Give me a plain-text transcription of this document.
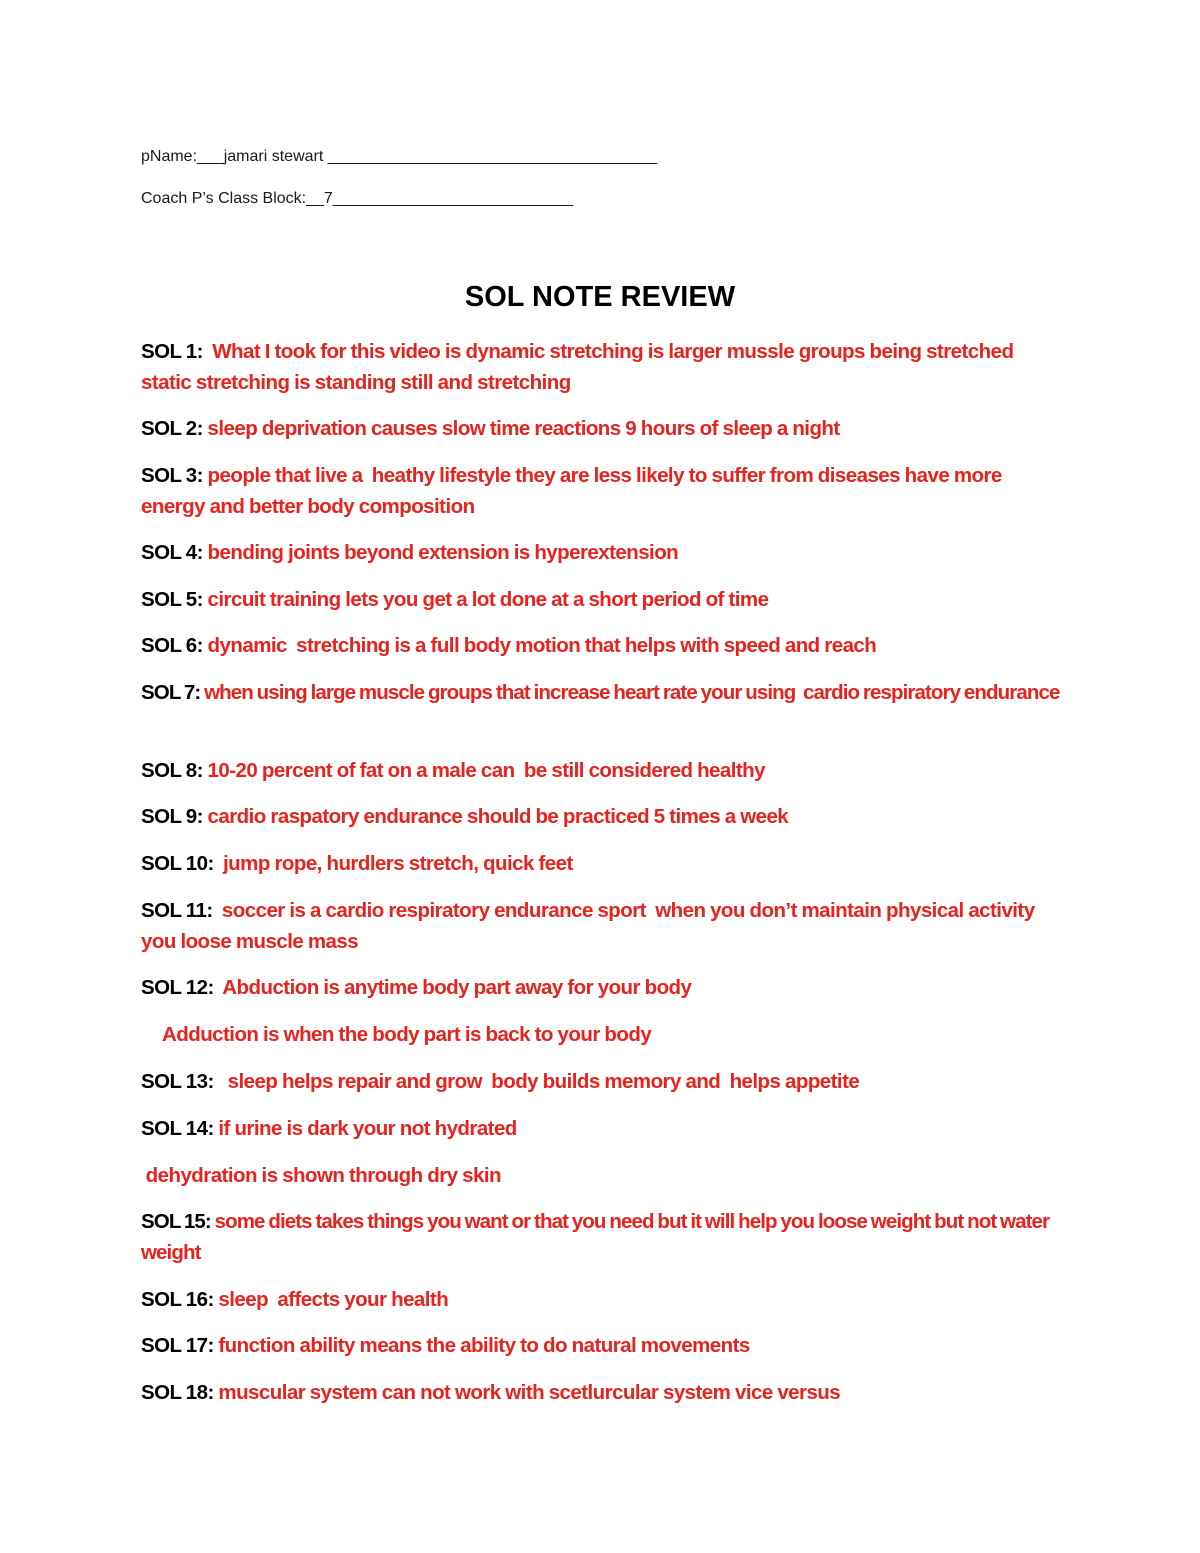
pName:___jamari stewart _____________________________________
Coach P’s Class Block:__7___________________________
SOL NOTE REVIEW
SOL 1:  What I took for this video is dynamic stretching is larger mussle groups being stretched static stretching is standing still and stretching
SOL 2: sleep deprivation causes slow time reactions 9 hours of sleep a night
SOL 3: people that live a  heathy lifestyle they are less likely to suffer from diseases have more energy and better body composition
SOL 4: bending joints beyond extension is hyperextension
SOL 5: circuit training lets you get a lot done at a short period of time
SOL 6: dynamic  stretching is a full body motion that helps with speed and reach
SOL 7: when using large muscle groups that increase heart rate your using  cardio respiratory endurance
SOL 8: 10-20 percent of fat on a male can  be still considered healthy
SOL 9: cardio raspatory endurance should be practiced 5 times a week
SOL 10:  jump rope, hurdlers stretch, quick feet
SOL 11:  soccer is a cardio respiratory endurance sport  when you don’t maintain physical activity you loose muscle mass
SOL 12:  Abduction is anytime body part away for your body
Adduction is when the body part is back to your body
SOL 13:   sleep helps repair and grow  body builds memory and  helps appetite
SOL 14: if urine is dark your not hydrated
dehydration is shown through dry skin
SOL 15: some diets takes things you want or that you need but it will help you loose weight but not water weight
SOL 16: sleep  affects your health
SOL 17: function ability means the ability to do natural movements
SOL 18: muscular system can not work with scetlurcular system vice versus
